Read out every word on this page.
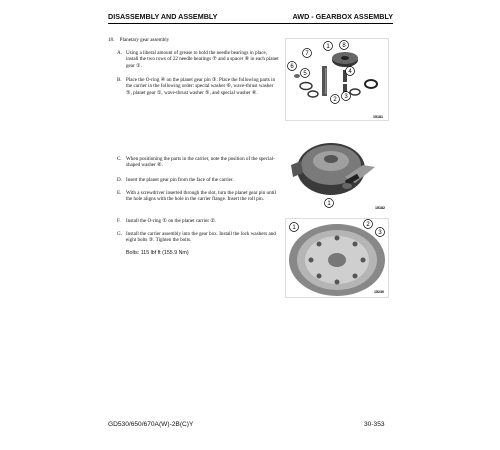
DISASSEMBLY AND ASSEMBLY	AWD - GEARBOX ASSEMBLY
18. Planetary gear assembly
A. Using a liberal amount of grease to hold the needle bearings in place, install the two rows of 22 needle bearings ⑦ and a spacer ⑧ in each planet gear ①.
B. Place the O-ring ④ on the planet gear pin ③. Place the following parts in the carrier in the following order: special washer ⑥, wave-thrust washer ⑤, planet gear ①, wave-thrust washer ⑤, and special washer ⑥.
C. When positioning the parts in the carrier, note the position of the special-shaped washer ⑥.
D. Insert the planet gear pin from the face of the carrier.
E. With a screwdriver inserted through the slot, turn the planet gear pin until the hole aligns with the hole in the carrier flange. Insert the roll pin.
F. Install the O-ring ① on the planet carrier ②.
G. Install the carrier assembly into the gear box. Install the lock washers and eight bolts ③. Tighten the bolts.
Bolts: 115 lbf ft (155.9 Nm)
1 8
7
6
5	4
2 3
15181
1
15182
1	2
3
15230
GD530/650/670A(W)-2B(C)Y	30-353
